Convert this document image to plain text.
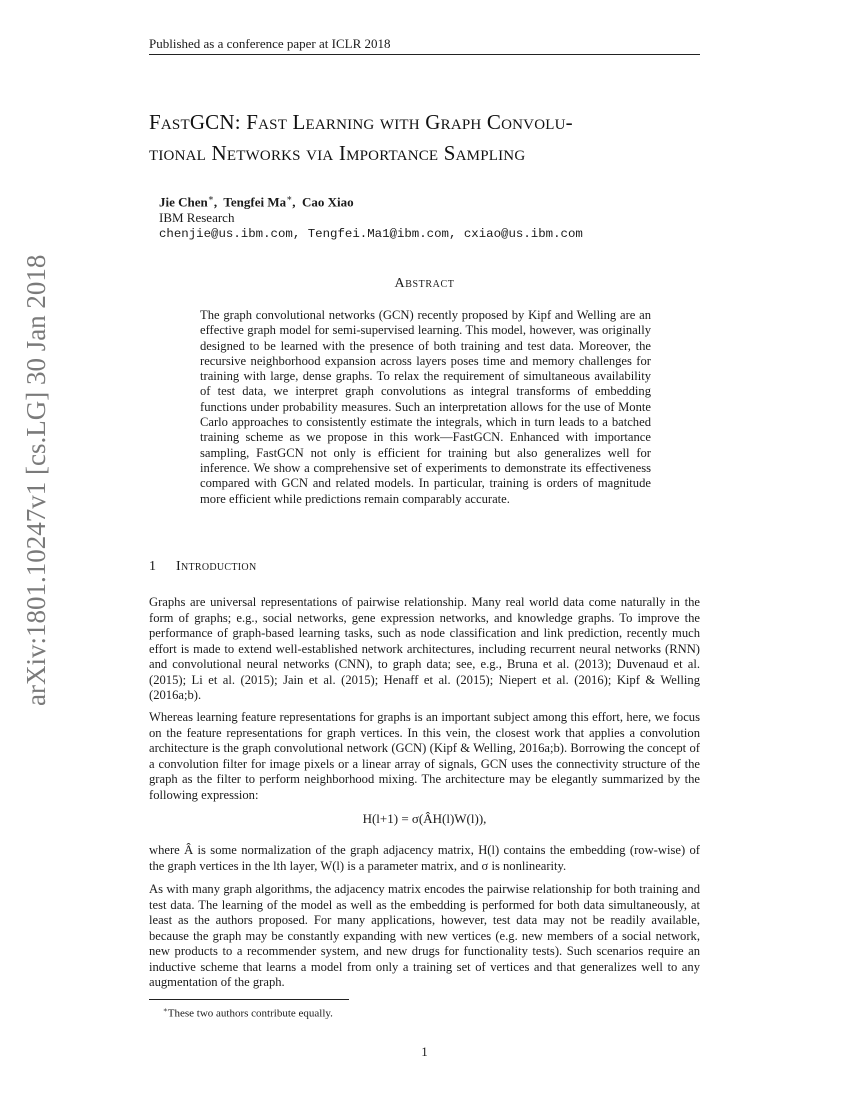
Published as a conference paper at ICLR 2018
arXiv:1801.10247v1 [cs.LG] 30 Jan 2018
FastGCN: Fast Learning with Graph Convolu-
tional Networks via Importance Sampling
Jie Chen∗,  Tengfei Ma∗,  Cao Xiao
IBM Research
chenjie@us.ibm.com, Tengfei.Ma1@ibm.com, cxiao@us.ibm.com
Abstract
The graph convolutional networks (GCN) recently proposed by Kipf and Welling are an effective graph model for semi-supervised learning. This model, however, was originally designed to be learned with the presence of both training and test data. Moreover, the recursive neighborhood expansion across layers poses time and memory challenges for training with large, dense graphs. To relax the requirement of simultaneous availability of test data, we interpret graph convolutions as integral transforms of embedding functions under probability measures. Such an interpretation allows for the use of Monte Carlo approaches to consistently estimate the integrals, which in turn leads to a batched training scheme as we propose in this work—FastGCN. Enhanced with importance sampling, FastGCN not only is efficient for training but also generalizes well for inference. We show a comprehensive set of experiments to demonstrate its effectiveness compared with GCN and related models. In particular, training is orders of magnitude more efficient while predictions remain comparably accurate.
1 Introduction
Graphs are universal representations of pairwise relationship. Many real world data come naturally in the form of graphs; e.g., social networks, gene expression networks, and knowledge graphs. To improve the performance of graph-based learning tasks, such as node classification and link prediction, recently much effort is made to extend well-established network architectures, including recurrent neural networks (RNN) and convolutional neural networks (CNN), to graph data; see, e.g., Bruna et al. (2013); Duvenaud et al. (2015); Li et al. (2015); Jain et al. (2015); Henaff et al. (2015); Niepert et al. (2016); Kipf & Welling (2016a;b).
Whereas learning feature representations for graphs is an important subject among this effort, here, we focus on the feature representations for graph vertices. In this vein, the closest work that applies a convolution architecture is the graph convolutional network (GCN) (Kipf & Welling, 2016a;b). Borrowing the concept of a convolution filter for image pixels or a linear array of signals, GCN uses the connectivity structure of the graph as the filter to perform neighborhood mixing. The architecture may be elegantly summarized by the following expression:
H(l+1) = σ(ÂH(l)W(l)),
where Â is some normalization of the graph adjacency matrix, H(l) contains the embedding (row-wise) of the graph vertices in the lth layer, W(l) is a parameter matrix, and σ is nonlinearity.
As with many graph algorithms, the adjacency matrix encodes the pairwise relationship for both training and test data. The learning of the model as well as the embedding is performed for both data simultaneously, at least as the authors proposed. For many applications, however, test data may not be readily available, because the graph may be constantly expanding with new vertices (e.g. new members of a social network, new products to a recommender system, and new drugs for functionality tests). Such scenarios require an inductive scheme that learns a model from only a training set of vertices and that generalizes well to any augmentation of the graph.
∗These two authors contribute equally.
1
